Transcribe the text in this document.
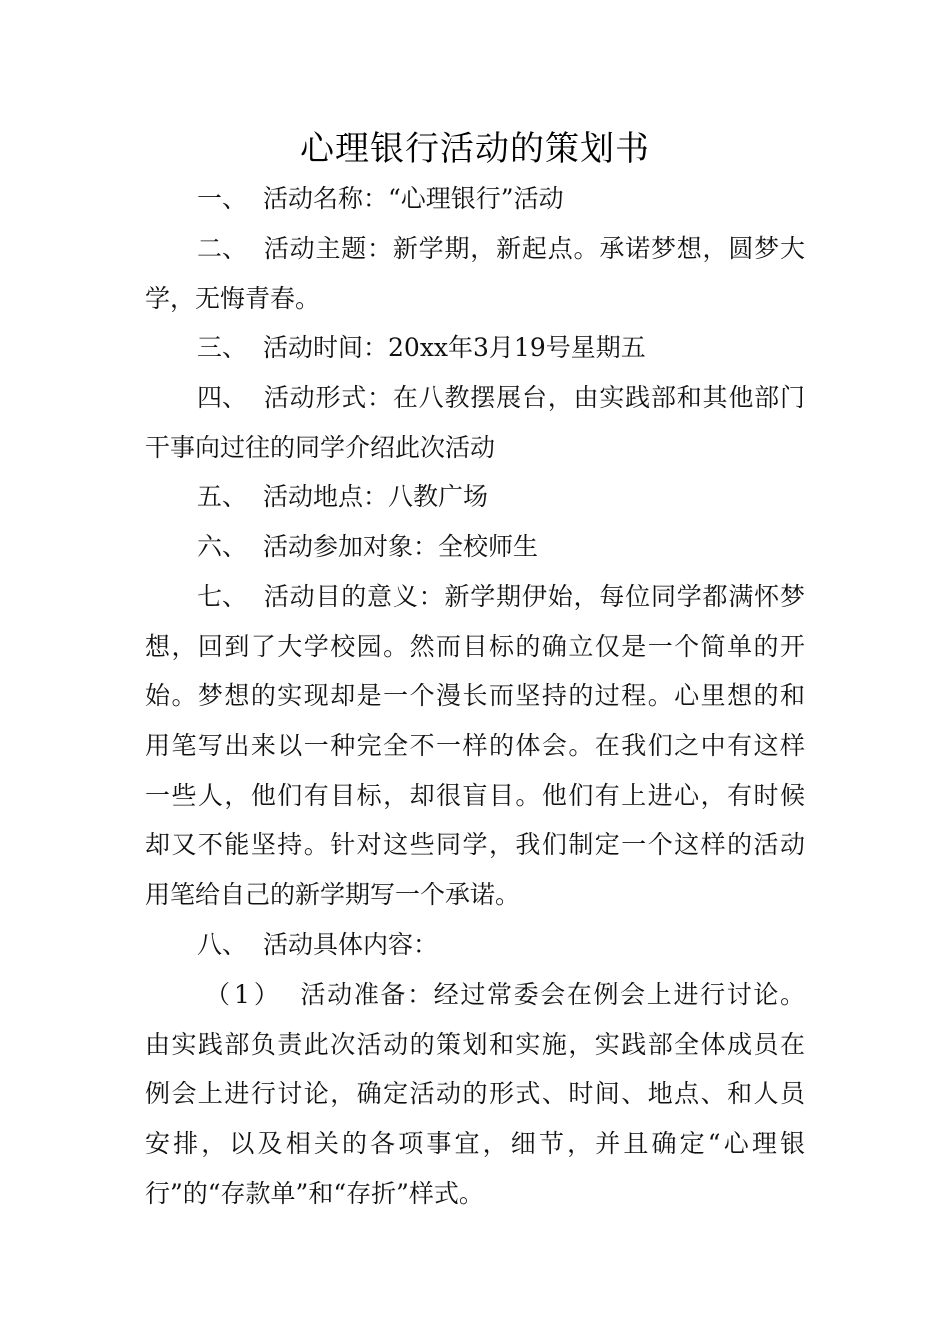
心理银行活动的策划书
一、 活动名称：“心理银行”活动
二、 活动主题：新学期，新起点。承诺梦想，圆梦大
学，无悔青春。
三、 活动时间：20xx年3月19号星期五
四、 活动形式：在八教摆展台，由实践部和其他部门
干事向过往的同学介绍此次活动
五、 活动地点：八教广场
六、 活动参加对象：全校师生
七、 活动目的意义：新学期伊始，每位同学都满怀梦
想，回到了大学校园。然而目标的确立仅是一个简单的开
始。梦想的实现却是一个漫长而坚持的过程。心里想的和
用笔写出来以一种完全不一样的体会。在我们之中有这样
一些人，他们有目标，却很盲目。他们有上进心，有时候
却又不能坚持。针对这些同学，我们制定一个这样的活动
用笔给自己的新学期写一个承诺。
八、 活动具体内容：
（1） 活动准备：经过常委会在例会上进行讨论。
由实践部负责此次活动的策划和实施，实践部全体成员在
例会上进行讨论，确定活动的形式、时间、地点、和人员
安排，以及相关的各项事宜，细节，并且确定“心理银
行”的“存款单”和“存折”样式。
